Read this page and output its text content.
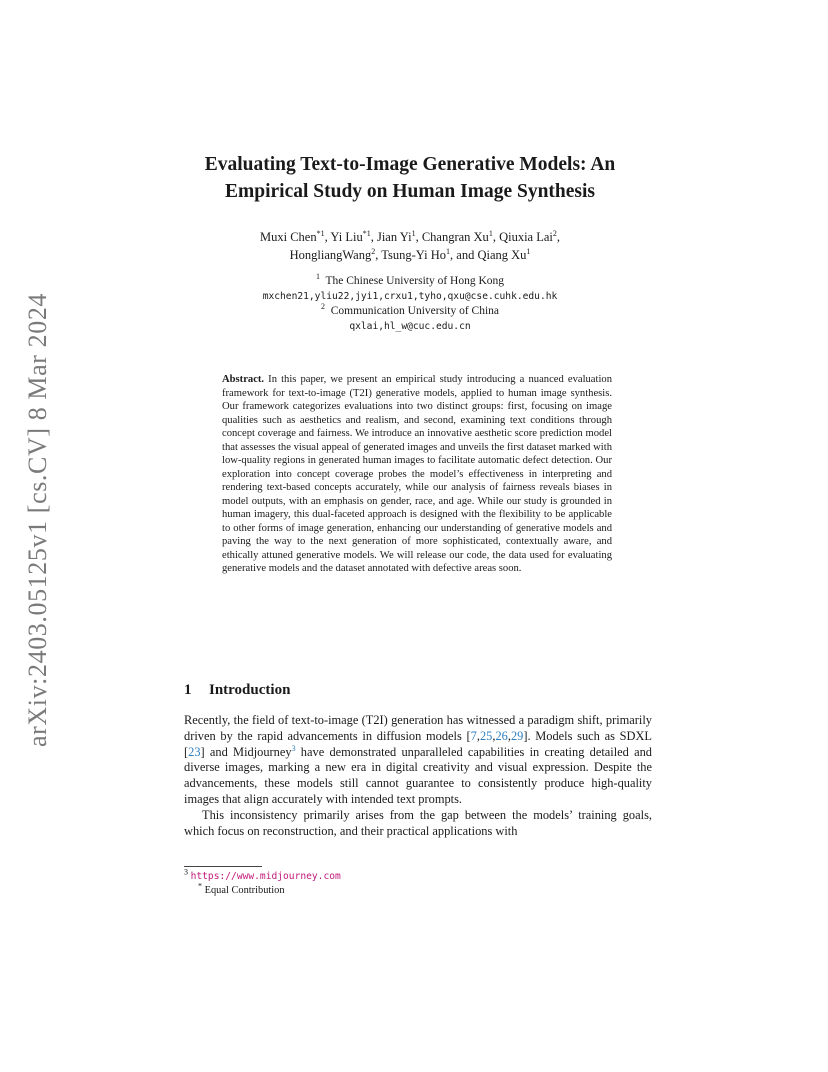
arXiv:2403.05125v1 [cs.CV] 8 Mar 2024
Evaluating Text-to-Image Generative Models: An
Empirical Study on Human Image Synthesis
Muxi Chen$^{*1}$, Yi Liu$^{*1}$, Jian Yi$^1$, Changran Xu$^1$, Qiuxia Lai$^2$,
HongliangWang$^2$, Tsung-Yi Ho$^1$, and Qiang Xu$^1$
$^1$ The Chinese University of Hong Kong
mxchen21,yliu22,jyi1,crxu1,tyho,qxu@cse.cuhk.edu.hk
$^2$ Communication University of China
qxlai,hl_w@cuc.edu.cn
Abstract. In this paper, we present an empirical study introducing a nuanced evaluation framework for text-to-image (T2I) generative models, applied to human image synthesis. Our framework categorizes evaluations into two distinct groups: first, focusing on image qualities such as aesthetics and realism, and second, examining text conditions through concept coverage and fairness. We introduce an innovative aesthetic score prediction model that assesses the visual appeal of generated images and unveils the first dataset marked with low-quality regions in generated human images to facilitate automatic defect detection. Our exploration into concept coverage probes the model’s effectiveness in interpreting and rendering text-based concepts accurately, while our analysis of fairness reveals biases in model outputs, with an emphasis on gender, race, and age. While our study is grounded in human imagery, this dual-faceted approach is designed with the flexibility to be applicable to other forms of image generation, enhancing our understanding of generative models and paving the way to the next generation of more sophisticated, contextually aware, and ethically attuned generative models. We will release our code, the data used for evaluating generative models and the dataset annotated with defective areas soon.
1 Introduction

Recently, the field of text-to-image (T2I) generation has witnessed a paradigm shift, primarily driven by the rapid advancements in diffusion models [7,25,26,29]. Models such as SDXL [23] and Midjourney$^3$ have demonstrated unparalleled capabilities in creating detailed and diverse images, marking a new era in digital creativity and visual expression. Despite the advancements, these models still cannot guarantee to consistently produce high-quality images that align accurately with intended text prompts.

This inconsistency primarily arises from the gap between the models’ training goals, which focus on reconstruction, and their practical applications with

$^3$ https://www.midjourney.com
* Equal Contribution
